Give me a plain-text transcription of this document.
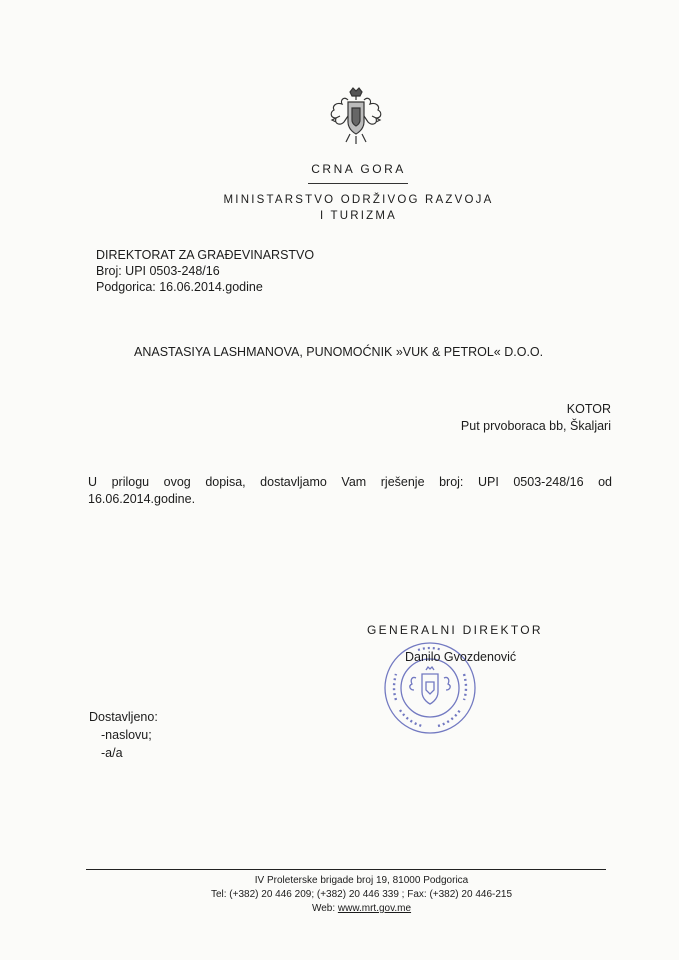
CRNA GORA
MINISTARSTVO ODRŽIVOG RAZVOJA
I TURIZMA
DIREKTORAT ZA GRAĐEVINARSTVO
Broj: UPI 0503-248/16
Podgorica: 16.06.2014.godine
ANASTASIYA LASHMANOVA, PUNOMOĆNIK »VUK & PETROL« D.O.O.
KOTOR
Put prvoboraca bb, Škaljari
U prilogu ovog dopisa, dostavljamo Vam rješenje broj: UPI 0503-248/16 od
16.06.2014.godine.
GENERALNI DIREKTOR
Danilo Gvozdenović
Dostavljeno:
-naslovu;
-a/a
IV Proleterske brigade broj 19, 81000 Podgorica
Tel: (+382) 20 446 209; (+382) 20 446 339 ; Fax: (+382) 20 446-215
Web: www.mrt.gov.me
